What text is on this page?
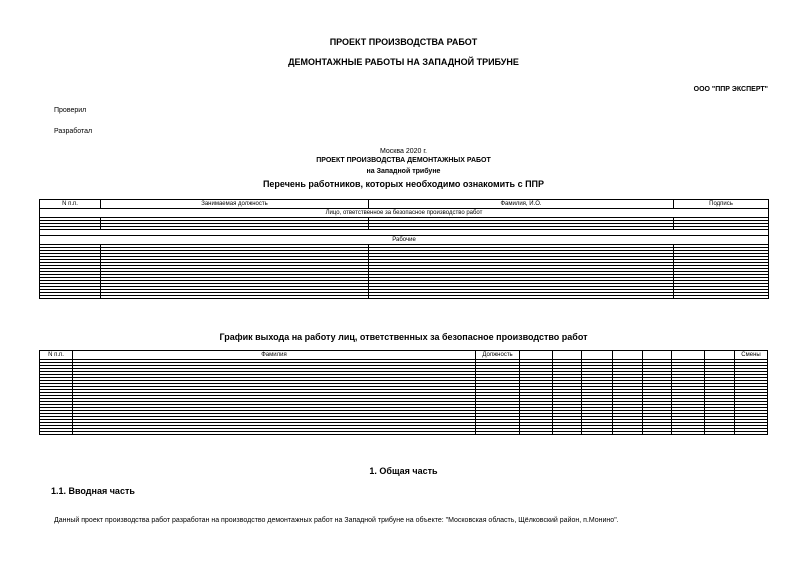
ПРОЕКТ ПРОИЗВОДСТВА РАБОТ
ДЕМОНТАЖНЫЕ РАБОТЫ НА ЗАПАДНОЙ ТРИБУНЕ
ООО "ППР ЭКСПЕРТ"
Проверил
Разработал
Москва 2020 г.
ПРОЕКТ ПРОИЗВОДСТВА ДЕМОНТАЖНЫХ РАБОТ
на Западной трибуне
Перечень работников, которых необходимо ознакомить с ППР
N п.п.	Занимаемая должность	Фамилия, И.О.	Подпись
Лицо, ответственное за безопасное производство работ			

Рабочие			

График выхода на работу лиц, ответственных за безопасное производство работ
N п.п.	Фамилия	Должность								Смены

1. Общая часть
1.1. Вводная часть
Данный проект производства работ разработан на производство демонтажных работ на Западной трибуне на объекте: "Московская область, Щёлковский район, п.Монино".
